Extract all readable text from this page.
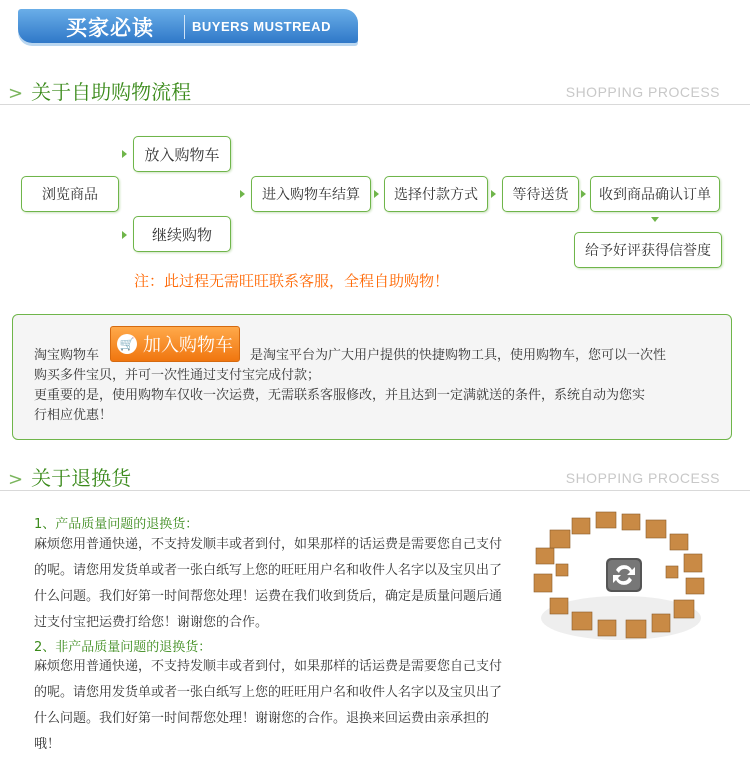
买家必读	BUYERS MUSTREAD
> 关于自助购物流程	SHOPPING PROCESS
浏览商品
放入购物车
继续购物
进入购物车结算	选择付款方式	等待送货	收到商品确认订单
给予好评获得信誉度
注：此过程无需旺旺联系客服，全程自助购物！
淘宝购物车
🛒 加入购物车 是淘宝平台为广大用户提供的快捷购物工具，使用购物车，您可以一次性
购买多件宝贝，并可一次性通过支付宝完成付款；
更重要的是，使用购物车仅收一次运费，无需联系客服修改，并且达到一定满就送的条件，系统自动为您实
行相应优惠！
> 关于退换货	SHOPPING PROCESS
1、产品质量问题的退换货：
麻烦您用普通快递，不支持发顺丰或者到付，如果那样的话运费是需要您自己支付的呢。请您用发货单或者一张白纸写上您的旺旺用户名和收件人名字以及宝贝出了什么问题。我们好第一时间帮您处理！运费在我们收到货后，确定是质量问题后通过支付宝把运费打给您！谢谢您的合作。
2、非产品质量问题的退换货：
麻烦您用普通快递，不支持发顺丰或者到付，如果那样的话运费是需要您自己支付的呢。请您用发货单或者一张白纸写上您的旺旺用户名和收件人名字以及宝贝出了什么问题。我们好第一时间帮您处理！谢谢您的合作。退换来回运费由亲承担的哦！
